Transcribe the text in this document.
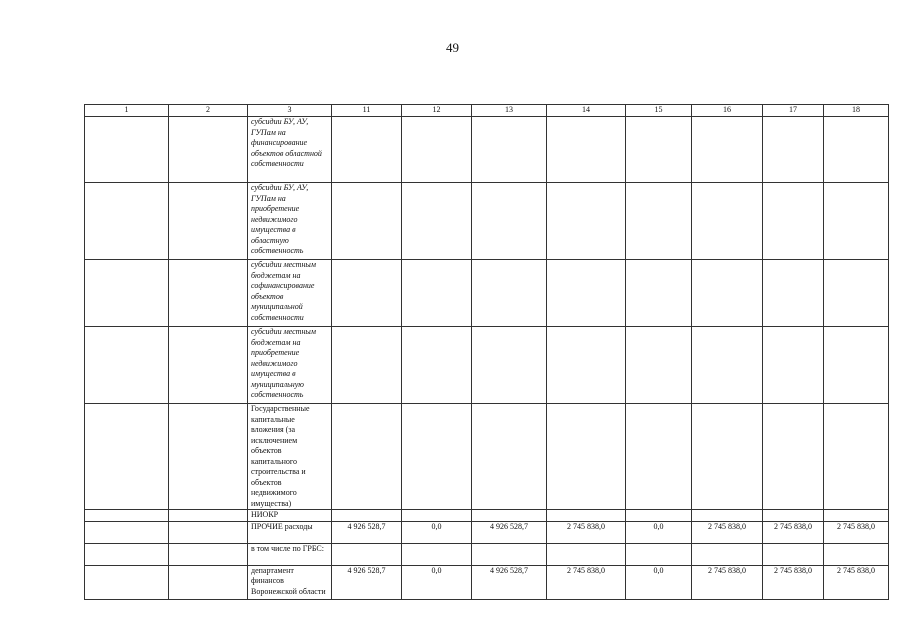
49
1	2	3	11	12	13	14	15	16	17	18
		субсидии БУ, АУ, ГУПам на финансирование объектов областной собственности								
		субсидии БУ, АУ, ГУПам на приобретение недвижимого имущества в областную собственность								
		субсидии местным бюджетам на софинансирование объектов муниципальной собственности								
		субсидии местным бюджетам на приобретение недвижимого имущества в муниципальную собственность								
		Государственные капитальные вложения (за исключением объектов капитального строительства и объектов недвижимого имущества)								
		НИОКР								
		ПРОЧИЕ расходы	4 926 528,7	0,0	4 926 528,7	2 745 838,0	0,0	2 745 838,0	2 745 838,0	2 745 838,0
		в том числе по ГРБС:								
		департамент финансов Воронежской области	4 926 528,7	0,0	4 926 528,7	2 745 838,0	0,0	2 745 838,0	2 745 838,0	2 745 838,0
